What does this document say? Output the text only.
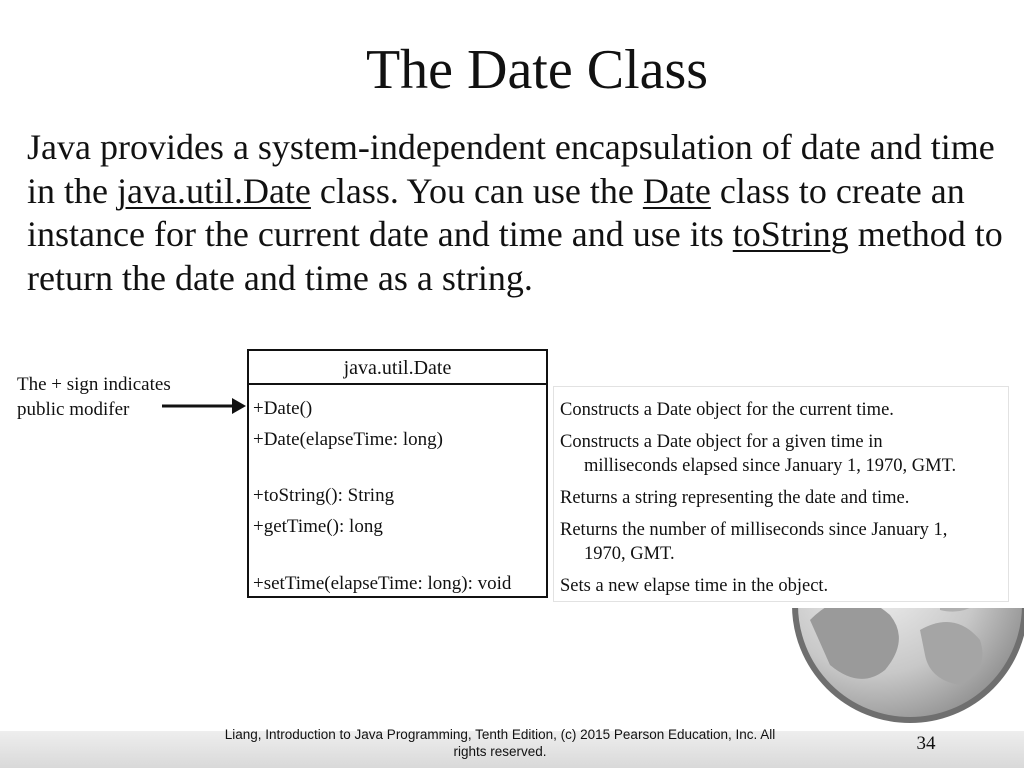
The Date Class
Java provides a system-independent encapsulation of date and time in the java.util.Date class. You can use the Date class to create an instance for the current date and time and use its toString method to return the date and time as a string.
The + sign indicates
public modifer
java.util.Date
+Date()
+Date(elapseTime: long)
+toString(): String
+getTime(): long
+setTime(elapseTime: long): void
Constructs a Date object for the current time.
Constructs a Date object for a given time in
milliseconds elapsed since January 1, 1970, GMT.
Returns a string representing the date and time.
Returns the number of milliseconds since January 1,
1970, GMT.
Sets a new elapse time in the object.
Liang, Introduction to Java Programming, Tenth Edition, (c) 2015 Pearson Education, Inc. All
rights reserved.	34
